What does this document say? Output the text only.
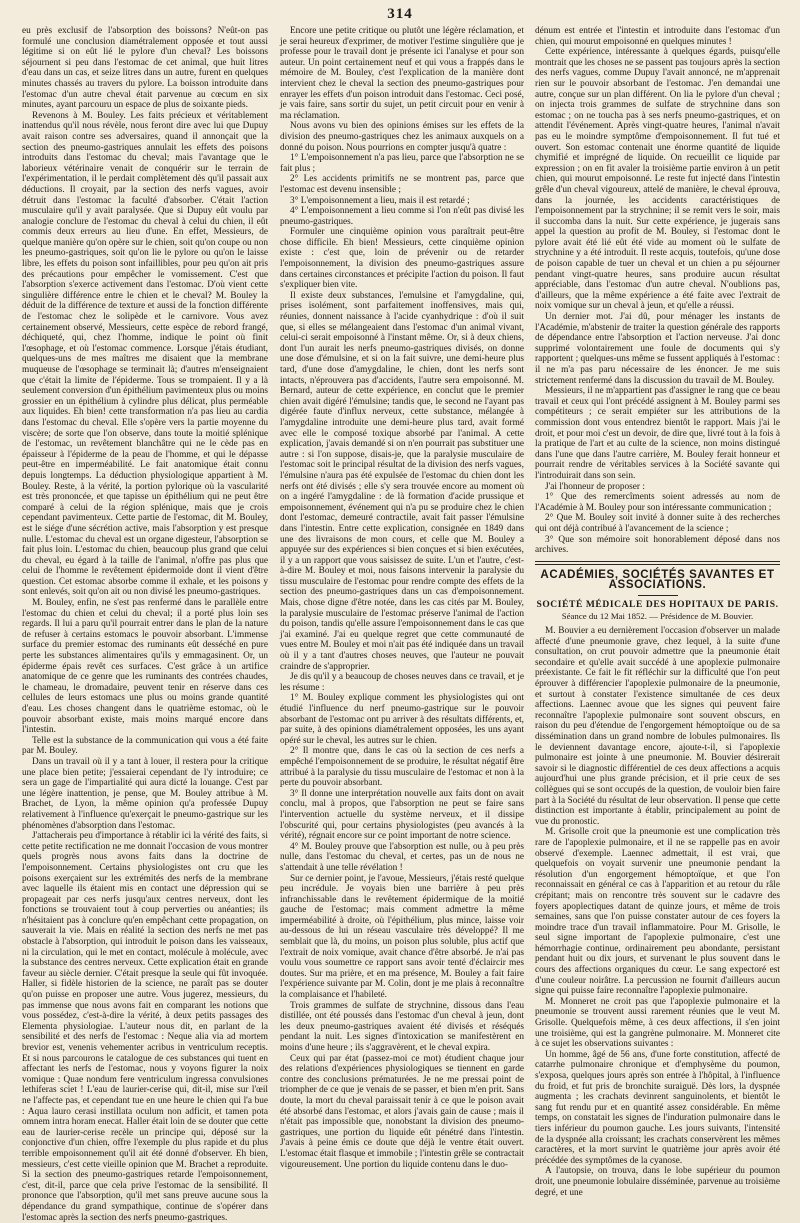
314

eu près exclusif de l'absorption des boissons? N'eût-on pas formulé une conclusion diamétralement opposée et tout aussi légitime si on eût lié le pylore d'un cheval? Les boissons séjournent si peu dans l'estomac de cet animal, que huit litres d'eau dans un cas, et seize litres dans un autre, furent en quelques minutes chassés au travers du pylore. La boisson introduite dans l'estomac d'un autre cheval était parvenue au cœcum en six minutes, ayant parcouru un espace de plus de soixante pieds.

Revenons à M. Bouley. Les faits précieux et véritablement inattendus qu'il nous révèle, nous feront dire avec lui que Dupuy avait raison contre ses adversaires, quand il annonçait que la section des pneumo-gastriques annulait les effets des poisons introduits dans l'estomac du cheval; mais l'avantage que le laborieux vétérinaire venait de conquérir sur le terrain de l'expérimentation, il le perdait complètement dès qu'il passait aux déductions. Il croyait, par la section des nerfs vagues, avoir détruit dans l'estomac la faculté d'absorber. C'était l'action musculaire qu'il y avait paralysée. Que si Dupuy eût voulu par analogie conclure de l'estomac du cheval à celui du chien, il eût commis deux erreurs au lieu d'une. En effet, Messieurs, de quelque manière qu'on opère sur le chien, soit qu'on coupe ou non les pneumo-gastriques, soit qu'on lie le pylore ou qu'on le laisse libre, les effets du poison sont infaillibles, pour peu qu'on ait pris des précautions pour empêcher le vomissement. C'est que l'absorption s'exerce activement dans l'estomac. D'où vient cette singulière différence entre le chien et le cheval? M. Bouley la déduit de la différence de texture et aussi de la fonction différente de l'estomac chez le solipède et le carnivore. Vous avez certainement observé, Messieurs, cette espèce de rebord frangé, déchiqueté, qui, chez l'homme, indique le point où finit l'œsophage, et où l'estomac commence. Lorsque j'étais étudiant, quelques-uns de mes maîtres me disaient que la membrane muqueuse de l'œsophage se terminait là; d'autres m'enseignaient que c'était la limite de l'épiderme. Tous se trompaient. Il y a là seulement conversion d'un épithélium pavimenteux plus ou moins grossier en un épithélium à cylindre plus délicat, plus perméable aux liquides. Eh bien! cette transformation n'a pas lieu au cardia dans l'estomac du cheval. Elle s'opère vers la partie moyenne du viscère; de sorte que l'on observe, dans toute la moitié splénique de l'estomac, un revêtement blanchâtre qui ne le cède pas en épaisseur à l'épiderme de la peau de l'homme, et qui le dépasse peut-être en imperméabilité. Le fait anatomique était connu depuis longtemps. La déduction physiologique appartient à M. Bouley. Reste, à la vérité, la portion pylorique où la vascularité est très prononcée, et que tapisse un épithélium qui ne peut être comparé à celui de la région splénique, mais que je crois cependant pavimenteux. Cette partie de l'estomac, dit M. Bouley, est le siége d'une sécrétion active, mais l'absorption y est presque nulle. L'estomac du cheval est un organe digesteur, l'absorption se fait plus loin. L'estomac du chien, beaucoup plus grand que celui du cheval, eu égard à la taille de l'animal, n'offre pas plus que celui de l'homme le revêtement épidermoïde dont il vient d'être question. Cet estomac absorbe comme il exhale, et les poisons y sont enlevés, soit qu'on ait ou non divisé les pneumo-gastriques.

M. Bouley, enfin, ne s'est pas renfermé dans le parallèle entre l'estomac du chien et celui du cheval; il a porté plus loin ses regards. Il lui a paru qu'il pourrait entrer dans le plan de la nature de refuser à certains estomacs le pouvoir absorbant. L'immense surface du premier estomac des ruminants eût desséché en pure perte les substances alimentaires qu'ils y emmagasinent. Or, un épiderme épais revêt ces surfaces. C'est grâce à un artifice anatomique de ce genre que les ruminants des contrées chaudes, le chameau, le dromadaire, peuvent tenir en réserve dans ces cellules de leurs estomacs une plus ou moins grande quantité d'eau. Les choses changent dans le quatrième estomac, où le pouvoir absorbant existe, mais moins marqué encore dans l'intestin.

Telle est la substance de la communication qui vous a été faite par M. Bouley.

Dans un travail où il y a tant à louer, il restera pour la critique une place bien petite; j'essaierai cependant de l'y introduire; ce sera un gage de l'impartialité qui aura dicté la louange. C'est par une légère inattention, je pense, que M. Bouley attribue à M. Brachet, de Lyon, la même opinion qu'a professée Dupuy relativement à l'influence qu'exerçait le pneumo-gastrique sur les phénomènes d'absorption dans l'estomac.

J'attacherais peu d'importance à rétablir ici la vérité des faits, si cette petite rectification ne me donnait l'occasion de vous montrer quels progrès nous avons faits dans la doctrine de l'empoisonnement. Certains physiologistes ont cru que les poisons exerçaient sur les extrémités des nerfs de la membrane avec laquelle ils étaient mis en contact une dépression qui se propageait par ces nerfs jusqu'aux centres nerveux, dont les fonctions se trouvaient tout à coup perverties ou anéanties; ils n'hésitaient pas à conclure qu'en empêchant cette propagation, on sauverait la vie. Mais en réalité la section des nerfs ne met pas obstacle à l'absorption, qui introduit le poison dans les vaisseaux, ni la circulation, qui le met en contact, molécule à molécule, avec la substance des centres nerveux. Cette explication était en grande faveur au siècle dernier. C'était presque la seule qui fût invoquée. Haller, si fidèle historien de la science, ne paraît pas se douter qu'on puisse en proposer une autre. Vous jugerez, messieurs, du pas immense que nous avons fait en comparant les notions que vous possédez, c'est-à-dire la vérité, à deux petits passages des Elementa physiologiae. L'auteur nous dit, en parlant de la sensibilité et des nerfs de l'estomac : Neque alia via ad mortem brevior est, venenis vehementer acribus in ventriculum receptis. Et si nous parcourons le catalogue de ces substances qui tuent en affectant les nerfs de l'estomac, nous y voyons figurer la noix vomique : Quae nondum fere ventriculum ingressa convulsiones lethiferas sciet ! L'eau de laurier-cerise qui, dit-il, mise sur l'œil ne l'affecte pas, et cependant tue en une heure le chien qui l'a bue : Aqua lauro cerasi instillata oculum non adficit, et tamen pota omnem intra horam enecat. Haller était loin de se douter que cette eau de laurier-cerise recèle un principe qui, déposé sur la conjonctive d'un chien, offre l'exemple du plus rapide et du plus terrible empoisonnement qu'il ait été donné d'observer. Eh bien, messieurs, c'est cette vieille opinion que M. Brachet a reproduite. Si la section des pneumo-gastriques retarde l'empoisonnement, c'est, dit-il, parce que cela prive l'estomac de la sensibilité. Il prononce que l'absorption, qu'il met sans preuve aucune sous la dépendance du grand sympathique, continue de s'opérer dans l'estomac après la section des nerfs pneumo-gastriques.

Encore une petite critique ou plutôt une légère réclamation, et je serai heureux d'exprimer, de motiver l'estime singulière que je professe pour le travail dont je présente ici l'analyse et pour son auteur. Un point certainement neuf et qui vous a frappés dans le mémoire de M. Bouley, c'est l'explication de la manière dont intervient chez le cheval la section des pneumo-gastriques pour enrayer les effets d'un poison introduit dans l'estomac. Ceci posé, je vais faire, sans sortir du sujet, un petit circuit pour en venir à ma réclamation.

Nous avons vu bien des opinions émises sur les effets de la division des pneumo-gastriques chez les animaux auxquels on a donné du poison. Nous pourrions en compter jusqu'à quatre :

1° L'empoisonnement n'a pas lieu, parce que l'absorption ne se fait plus ;

2° Les accidents primitifs ne se montrent pas, parce que l'estomac est devenu insensible ;

3° L'empoisonnement a lieu, mais il est retardé ;

4° L'empoisonnement a lieu comme si l'on n'eût pas divisé les pneumo-gastriques.

Formuler une cinquième opinion vous paraîtrait peut-être chose difficile. Eh bien! Messieurs, cette cinquième opinion existe : c'est que, loin de prévenir ou de retarder l'empoisonnement, la division des pneumo-gastriques assure dans certaines circonstances et précipite l'action du poison. Il faut s'expliquer bien vite.

Il existe deux substances, l'emulsine et l'amygdaline, qui, prises isolément, sont parfaitement inoffensives, mais qui, réunies, donnent naissance à l'acide cyanhydrique : d'où il suit que, si elles se mélangeaient dans l'estomac d'un animal vivant, celui-ci serait empoisonné à l'instant même. Or, si à deux chiens, dont l'un aurait les nerfs pneumo-gastriques divisés, on donne une dose d'émulsine, et si on la fait suivre, une demi-heure plus tard, d'une dose d'amygdaline, le chien, dont les nerfs sont intacts, n'éprouvera pas d'accidents, l'autre sera empoisonné. M. Bernard, auteur de cette expérience, en conclut que le premier chien avait digéré l'émulsine; tandis que, le second ne l'ayant pas digérée faute d'influx nerveux, cette substance, mélangée à l'amygdaline introduite une demi-heure plus tard, avait formé avec elle le composé toxique absorbé par l'animal. A cette explication, j'avais demandé si on n'en pourrait pas substituer une autre : si l'on suppose, disais-je, que la paralysie musculaire de l'estomac soit le principal résultat de la division des nerfs vagues, l'émulsine n'aura pas été expulsée de l'estomac du chien dont les nerfs ont été divisés ; elle s'y sera trouvée encore au moment où on a ingéré l'amygdaline : de là formation d'acide prussique et empoisonnement, événement qui n'a pu se produire chez le chien dont l'estomac, demeuré contractile, avait fait passer l'émulsine dans l'intestin. Entre cette explication, consignée en 1849 dans une des livraisons de mon cours, et celle que M. Bouley a appuyée sur des expériences si bien conçues et si bien exécutées, il y a un rapport que vous saisissez de suite. L'un et l'autre, c'est-à-dire M. Bouley et moi, nous faisons intervenir la paralysie du tissu musculaire de l'estomac pour rendre compte des effets de la section des pneumo-gastriques dans un cas d'empoisonnement. Mais, chose digne d'être notée, dans les cas cités par M. Bouley, la paralysie musculaire de l'estomac préserve l'animal de l'action du poison, tandis qu'elle assure l'empoisonnement dans le cas que j'ai examiné. J'ai eu quelque regret que cette communauté de vues entre M. Bouley et moi n'ait pas été indiquée dans un travail où il y a tant d'autres choses neuves, que l'auteur ne pouvait craindre de s'approprier.

Je dis qu'il y a beaucoup de choses neuves dans ce travail, et je les résume :

1° M. Bouley explique comment les physiologistes qui ont étudié l'influence du nerf pneumo-gastrique sur le pouvoir absorbant de l'estomac ont pu arriver à des résultats différents, et, par suite, à des opinions diamétralement opposées, les uns ayant opéré sur le cheval, les autres sur le chien.

2° Il montre que, dans le cas où la section de ces nerfs a empêché l'empoisonnement de se produire, le résultat négatif être attribué à la paralysie du tissu musculaire de l'estomac et non à la perte du pouvoir absorbant.

3° Il donne une interprétation nouvelle aux faits dont on avait conclu, mal à propos, que l'absorption ne peut se faire sans l'intervention actuelle du système nerveux, et il dissipe l'obscurité qui, pour certains physiologistes (peu avancés à la vérité), régnait encore sur ce point important de notre science.

4° M. Bouley prouve que l'absorption est nulle, ou à peu près nulle, dans l'estomac du cheval, et certes, pas un de nous ne s'attendait à une telle révélation !

Sur ce dernier point, je l'avoue, Messieurs, j'étais resté quelque peu incrédule. Je voyais bien une barrière à peu près infranchissable dans le revêtement épidermique de la moitié gauche de l'estomac; mais comment admettre la même imperméabilité à droite, où l'épithélium, plus mince, laisse voir au-dessous de lui un réseau vasculaire très développé? Il me semblait que là, du moins, un poison plus soluble, plus actif que l'extrait de noix vomique, avait chance d'être absorbé. Je n'ai pas voulu vous soumettre ce rapport sans avoir tenté d'éclaircir mes doutes. Sur ma prière, et en ma présence, M. Bouley a fait faire l'expérience suivante par M. Colin, dont je me plais à reconnaître la complaisance et l'habileté.

Trois grammes de sulfate de strychnine, dissous dans l'eau distillée, ont été poussés dans l'estomac d'un cheval à jeun, dont les deux pneumo-gastriques avaient été divisés et réséqués pendant la nuit. Les signes d'intoxication se manifestèrent en moins d'une heure ; ils s'aggravèrent, et le cheval expira.

Ceux qui par état (passez-moi ce mot) étudient chaque jour des relations d'expériences physiologiques se tiennent en garde contre des conclusions prématurées. Je ne me pressai point de triompher de ce que je venais de se passer, et bien m'en prit. Sans doute, la mort du cheval paraissait tenir à ce que le poison avait été absorbé dans l'estomac, et alors j'avais gain de cause ; mais il n'était pas impossible que, nonobstant la division des pneumo-gastriques, une portion du liquide eût pénétré dans l'intestin. J'avais à peine émis ce doute que déjà le ventre était ouvert. L'estomac était flasque et immobile ; l'intestin grêle se contractait vigoureusement. Une portion du liquide contenu dans le duo-

dénum est entrée et l'intestin et introduite dans l'estomac d'un chien, qui mourut empoisonné en quelques minutes !

Cette expérience, intéressante à quelques égards, puisqu'elle montrait que les choses ne se passent pas toujours après la section des nerfs vagues, comme Dupuy l'avait annoncé, ne m'apprenait rien sur le pouvoir absorbant de l'estomac. J'en demandai une autre, conçue sur un plan différent. On lia le pylore d'un cheval ; on injecta trois grammes de sulfate de strychnine dans son estomac ; on ne toucha pas à ses nerfs pneumo-gastriques, et on attendit l'événement. Après vingt-quatre heures, l'animal n'avait pas eu le moindre symptôme d'empoisonnement. Il fut tué et ouvert. Son estomac contenait une énorme quantité de liquide chymifié et imprégné de liquide. On recueillit ce liquide par expression ; on en fit avaler la troisième partie environ à un petit chien, qui mourut empoisonné. Le reste fut injecté dans l'intestin grêle d'un cheval vigoureux, attelé de manière, le cheval éprouva, dans la journée, les accidents caractéristiques de l'empoisonnement par la strychnine; il se remit vers le soir, mais il succomba dans la nuit. Sur cette expérience, je jugerais sans appel la question au profit de M. Bouley, si l'estomac dont le pylore avait été lié eût été vide au moment où le sulfate de strychnine y a été introduit. Il reste acquis, toutefois, qu'une dose de poison capable de tuer un cheval et un chien a pu séjourner pendant vingt-quatre heures, sans produire aucun résultat appréciable, dans l'estomac d'un autre cheval. N'oublions pas, d'ailleurs, que la même expérience a été faite avec l'extrait de noix vomique sur un cheval à jeun, et qu'elle a réussi.

Un dernier mot. J'ai dû, pour ménager les instants de l'Académie, m'abstenir de traiter la question générale des rapports de dépendance entre l'absorption et l'action nerveuse. J'ai donc supprimé volontairement une foule de documents qui s'y rapportent ; quelques-uns même se fussent appliqués à l'estomac : il ne m'a pas paru nécessaire de les énoncer. Je me suis strictement renfermé dans la discussion du travail de M. Bouley.

Messieurs, il ne m'appartient pas d'assigner le rang que ce beau travail et ceux qui l'ont précédé assignent à M. Bouley parmi ses compétiteurs ; ce serait empiéter sur les attributions de la commission dont vous entendrez bientôt le rapport. Mais j'ai le droit, et pour moi c'est un devoir, de dire que, livré tout à la fois à la pratique de l'art et au culte de la science, non moins distingué dans l'une que dans l'autre carrière, M. Bouley ferait honneur et pourrait rendre de véritables services à la Société savante qui l'introduirait dans son sein.

J'ai l'honneur de proposer :

1° Que des remercîments soient adressés au nom de l'Académie à M. Bouley pour son intéressante communication ;

2° Que M. Bouley soit invité à donner suite à des recherches qui ont déjà contribué à l'avancement de la science ;

3° Que son mémoire soit honorablement déposé dans nos archives.

ACADÉMIES, SOCIÉTÉS SAVANTES ET ASSOCIATIONS.
SOCIÉTÉ MÉDICALE DES HOPITAUX DE PARIS.
Séance du 12 Mai 1852. — Présidence de M. Bouvier.

M. Bouvier a eu dernièrement l'occasion d'observer un malade affecté d'une pneumonie grave, chez lequel, à la suite d'une consultation, on crut pouvoir admettre que la pneumonie était secondaire et qu'elle avait succédé à une apoplexie pulmonaire préexistante. Ce fait le fit réfléchir sur la difficulté que l'on peut éprouver à différencier l'apoplexie pulmonaire de la pneumonie, et surtout à constater l'existence simultanée de ces deux affections. Laennec avoue que les signes qui peuvent faire reconnaître l'apoplexie pulmonaire sont souvent obscurs, en raison du peu d'étendue de l'engorgement hémoptoïque ou de sa dissémination dans un grand nombre de lobules pulmonaires. Ils le deviennent davantage encore, ajoute-t-il, si l'apoplexie pulmonaire est jointe à une pneumonie. M. Bouvier désirerait savoir si le diagnostic différentiel de ces deux affections a acquis aujourd'hui une plus grande précision, et il prie ceux de ses collègues qui se sont occupés de la question, de vouloir bien faire part à la Société du résultat de leur observation. Il pense que cette distinction est importante à établir, principalement au point de vue du pronostic.

M. Grisolle croit que la pneumonie est une complication très rare de l'apoplexie pulmonaire, et il ne se rappelle pas en avoir observé d'exemple. Laennec admettait, il est vrai, que quelquefois on voyait survenir une pneumonie pendant la résolution d'un engorgement hémoptoïque, et que l'on reconnaissait en général ce cas à l'apparition et au retour du râle crépitant; mais on rencontre très souvent sur le cadavre des foyers apoplectiques datant de quinze jours, et même de trois semaines, sans que l'on puisse constater autour de ces foyers la moindre trace d'un travail inflammatoire. Pour M. Grisolle, le seul signe important de l'apoplexie pulmonaire, c'est une hémorrhagie continue, ordinairement peu abondante, persistant pendant huit ou dix jours, et survenant le plus souvent dans le cours des affections organiques du cœur. Le sang expectoré est d'une couleur noirâtre. La percussion ne fournit d'ailleurs aucun signe qui puisse faire reconnaître l'apoplexie pulmonaire.

M. Monneret ne croit pas que l'apoplexie pulmonaire et la pneumonie se trouvent aussi rarement réunies que le veut M. Grisolle. Quelquefois même, à ces deux affections, il s'en joint une troisième, qui est la gangrène pulmonaire. M. Monneret cite à ce sujet les observations suivantes :

Un homme, âgé de 56 ans, d'une forte constitution, affecté de catarrhe pulmonaire chronique et d'emphysème du poumon, s'exposa, quelques jours après son entrée à l'hôpital, à l'influence du froid, et fut pris de bronchite suraiguë. Dès lors, la dyspnée augmenta ; les crachats devinrent sanguinolents, et bientôt le sang fut rendu pur et en quantité assez considérable. En même temps, on constatait les signes de l'induration pulmonaire dans le tiers inférieur du poumon gauche. Les jours suivants, l'intensité de la dyspnée alla croissant; les crachats conservèrent les mêmes caractères, et la mort survint le quatrième jour après avoir été précédée des symptômes de la cyanose.

A l'autopsie, on trouva, dans le lobe supérieur du poumon droit, une pneumonie lobulaire disséminée, parvenue au troisième degré, et une
